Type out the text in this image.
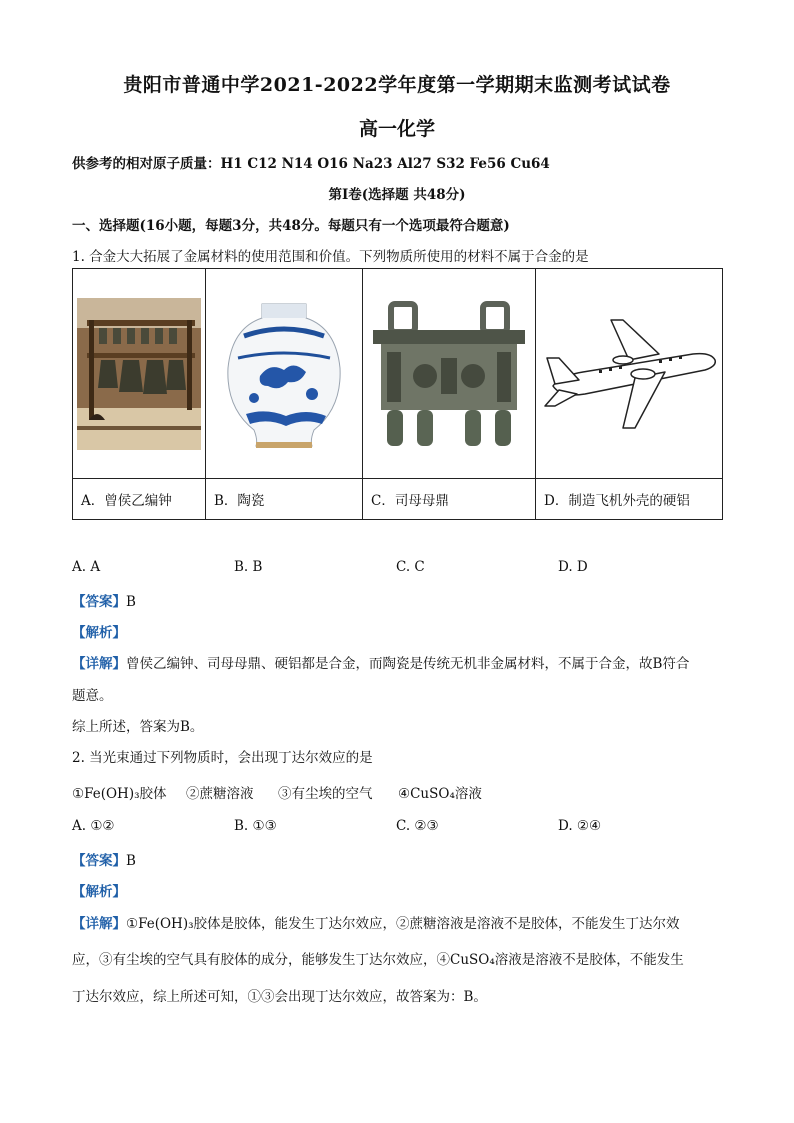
贵阳市普通中学2021-2022学年度第一学期期末监测考试试卷
高一化学
供参考的相对原子质量：H1 C12 N14 O16 Na23 Al27 S32 Fe56 Cu64
第Ⅰ卷(选择题 共48分)
一、选择题(16小题，每题3分，共48分。每题只有一个选项最符合题意)
1. 合金大大拓展了金属材料的使用范围和价值。下列物质所使用的材料不属于合金的是

A．曾侯乙编钟	B．陶瓷	C．司母母鼎	D．制造飞机外壳的硬铝
A. A	B. B	C. C	D. D
【答案】B
【解析】
【详解】曾侯乙编钟、司母母鼎、硬铝都是合金，而陶瓷是传统无机非金属材料，不属于合金，故B符合
题意。
综上所述，答案为B。
2. 当光束通过下列物质时，会出现丁达尔效应的是
①Fe(OH)₃胶体 ②蔗糖溶液 ③有尘埃的空气 ④CuSO₄溶液
A. ①②	B. ①③	C. ②③	D. ②④
【答案】B
【解析】
【详解】①Fe(OH)₃胶体是胶体，能发生丁达尔效应，②蔗糖溶液是溶液不是胶体，不能发生丁达尔效
应，③有尘埃的空气具有胶体的成分，能够发生丁达尔效应，④CuSO₄溶液是溶液不是胶体，不能发生
丁达尔效应，综上所述可知，①③会出现丁达尔效应，故答案为：B。
